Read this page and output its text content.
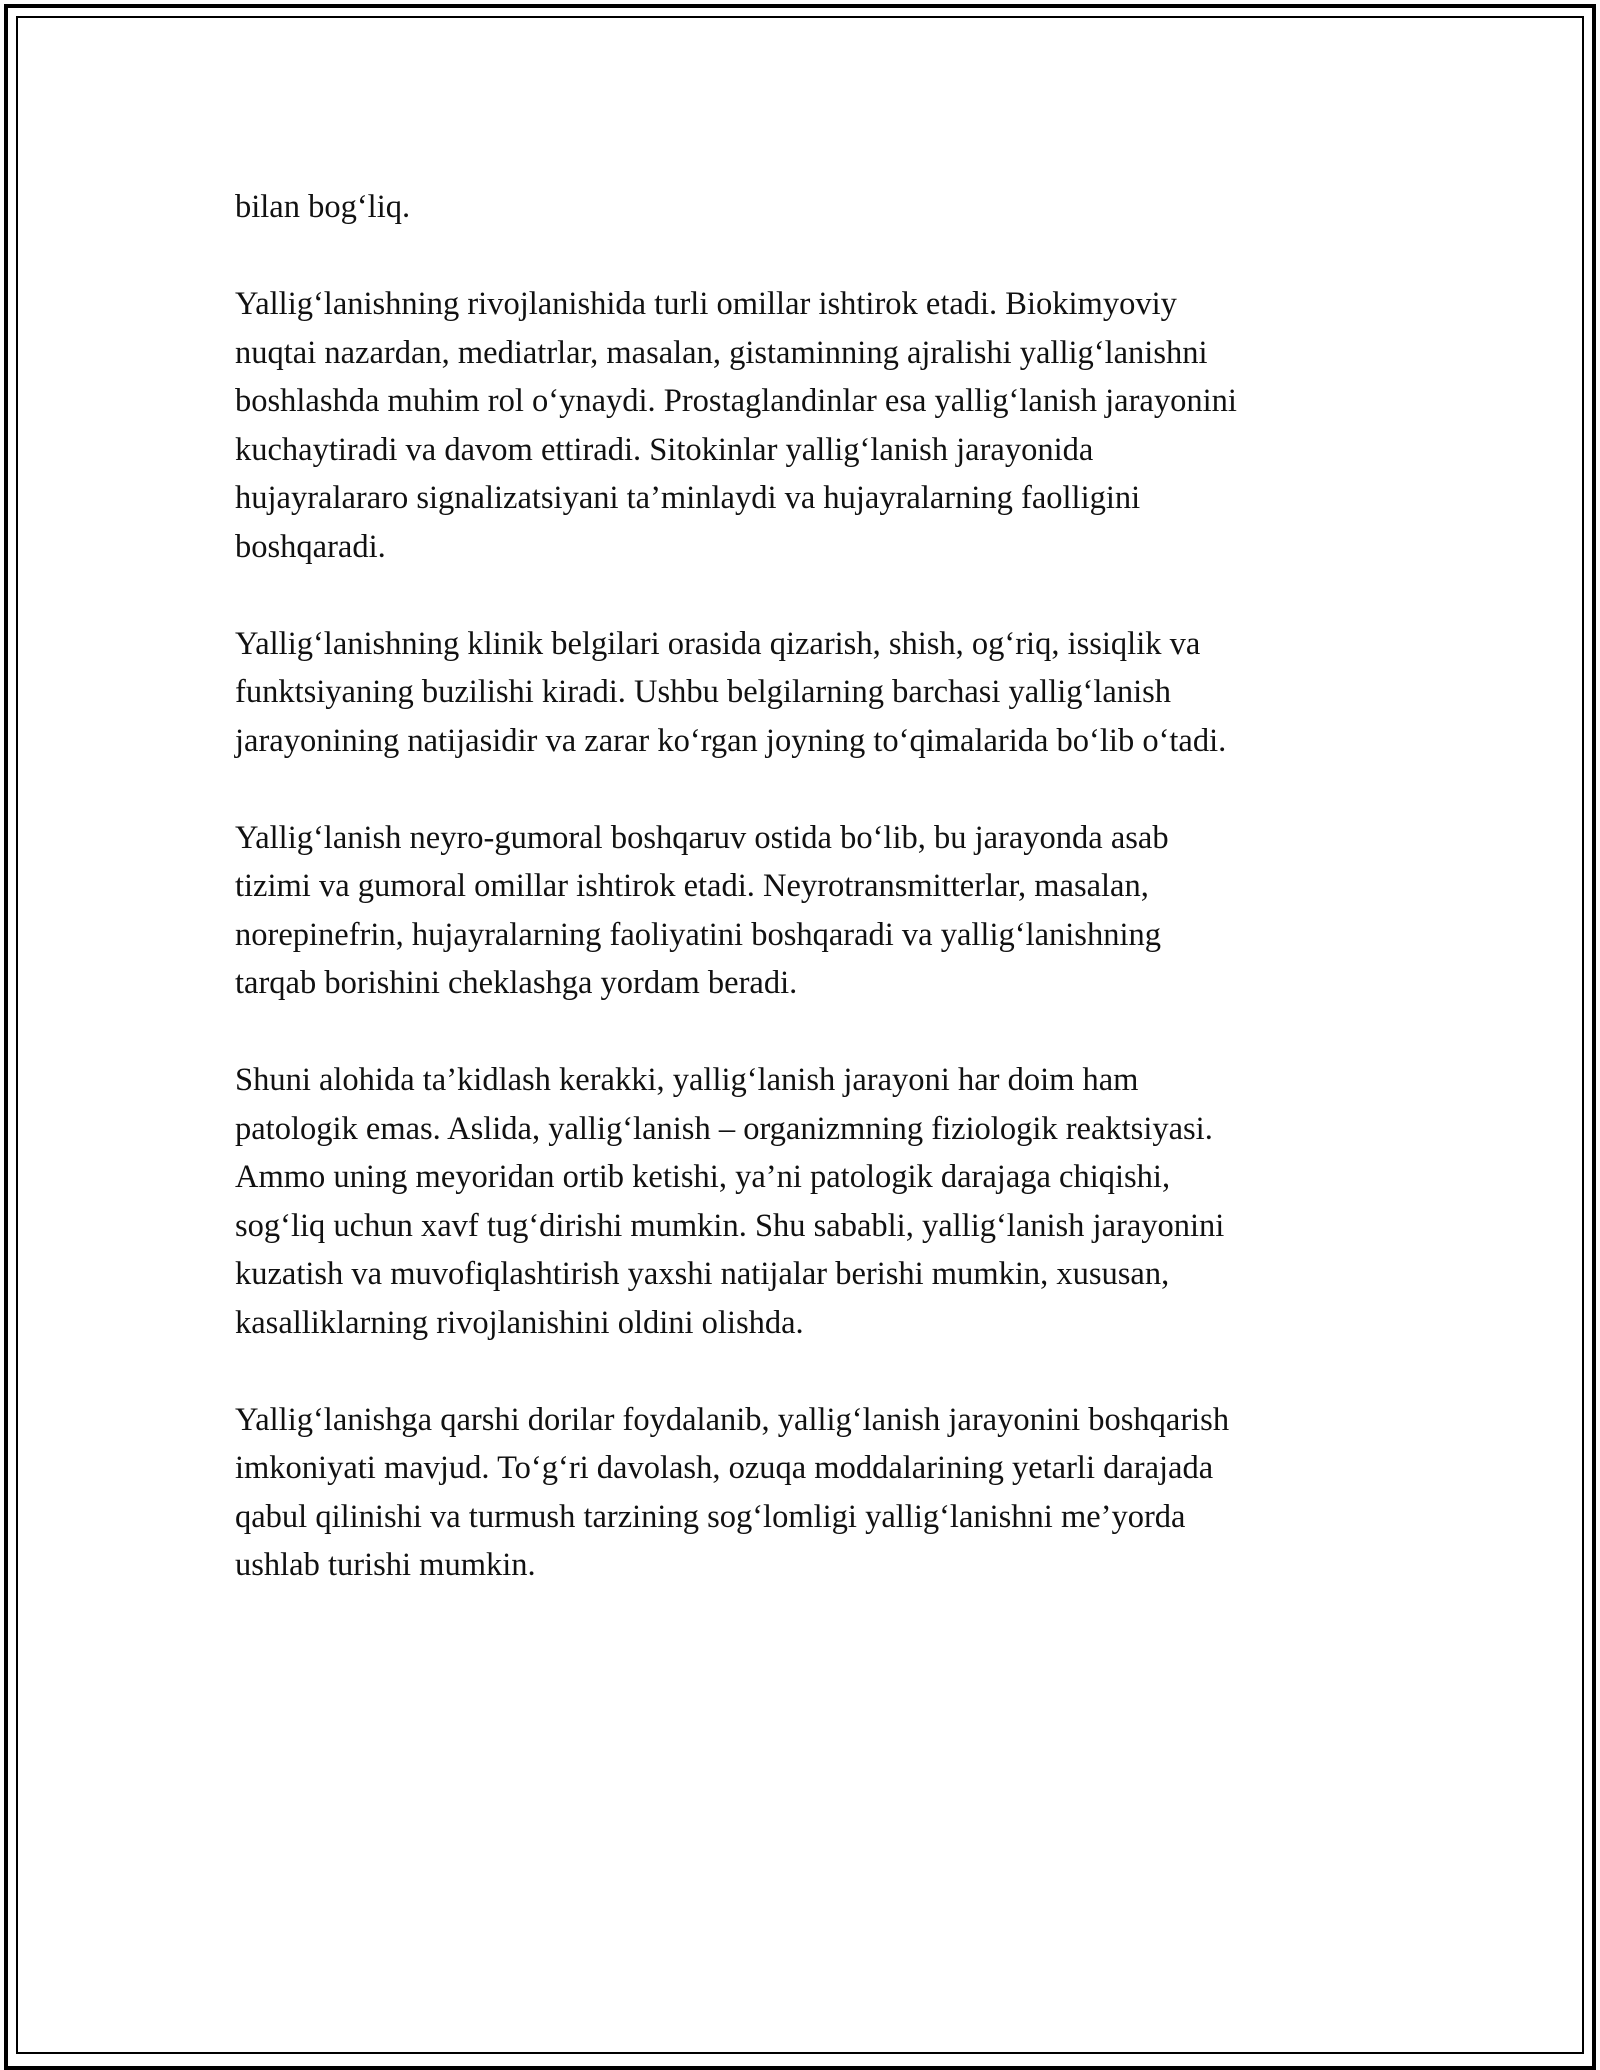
bilan bog‘liq.

Yallig‘lanishning rivojlanishida turli omillar ishtirok etadi. Biokimyoviy
nuqtai nazardan, mediatrlar, masalan, gistaminning ajralishi yallig‘lanishni
boshlashda muhim rol o‘ynaydi. Prostaglandinlar esa yallig‘lanish jarayonini
kuchaytiradi va davom ettiradi. Sitokinlar yallig‘lanish jarayonida
hujayralararo signalizatsiyani ta’minlaydi va hujayralarning faolligini
boshqaradi.

Yallig‘lanishning klinik belgilari orasida qizarish, shish, og‘riq, issiqlik va
funktsiyaning buzilishi kiradi. Ushbu belgilarning barchasi yallig‘lanish
jarayonining natijasidir va zarar ko‘rgan joyning to‘qimalarida bo‘lib o‘tadi.

Yallig‘lanish neyro-gumoral boshqaruv ostida bo‘lib, bu jarayonda asab
tizimi va gumoral omillar ishtirok etadi. Neyrotransmitterlar, masalan,
norepinefrin, hujayralarning faoliyatini boshqaradi va yallig‘lanishning
tarqab borishini cheklashga yordam beradi.

Shuni alohida ta’kidlash kerakki, yallig‘lanish jarayoni har doim ham
patologik emas. Aslida, yallig‘lanish – organizmning fiziologik reaktsiyasi.
Ammo uning meyoridan ortib ketishi, ya’ni patologik darajaga chiqishi,
sog‘liq uchun xavf tug‘dirishi mumkin. Shu sababli, yallig‘lanish jarayonini
kuzatish va muvofiqlashtirish yaxshi natijalar berishi mumkin, xususan,
kasalliklarning rivojlanishini oldini olishda.

Yallig‘lanishga qarshi dorilar foydalanib, yallig‘lanish jarayonini boshqarish
imkoniyati mavjud. To‘g‘ri davolash, ozuqa moddalarining yetarli darajada
qabul qilinishi va turmush tarzining sog‘lomligi yallig‘lanishni me’yorda
ushlab turishi mumkin.
